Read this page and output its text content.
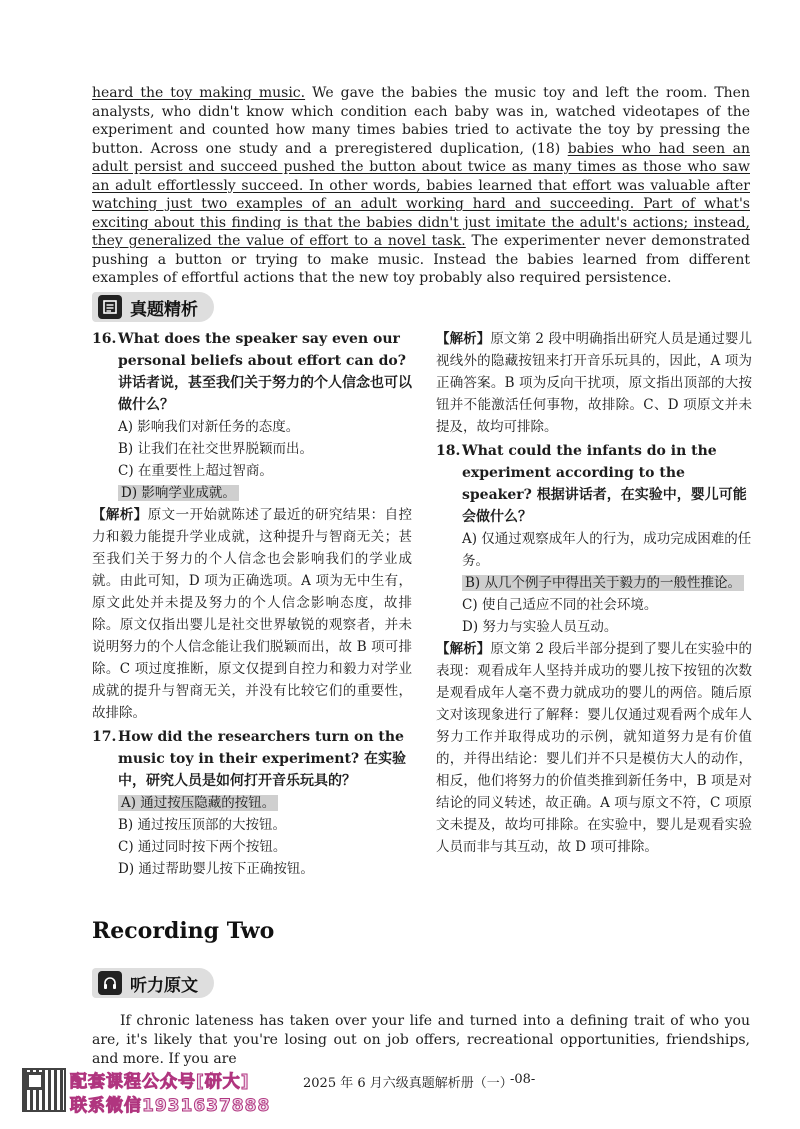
heard the toy making music. We gave the babies the music toy and left the room. Then analysts, who didn't know which condition each baby was in, watched videotapes of the experiment and counted how many times babies tried to activate the toy by pressing the button. Across one study and a preregistered duplication, (18) babies who had seen an adult persist and succeed pushed the button about twice as many times as those who saw an adult effortlessly succeed. In other words, babies learned that effort was valuable after watching just two examples of an adult working hard and succeeding. Part of what's exciting about this finding is that the babies didn't just imitate the adult's actions; instead, they generalized the value of effort to a novel task. The experimenter never demonstrated pushing a button or trying to make music. Instead the babies learned from different examples of effortful actions that the new toy probably also required persistence.
真题精析
16. What does the speaker say even our personal beliefs about effort can do? 讲话者说，甚至我们关于努力的个人信念也可以做什么？
A) 影响我们对新任务的态度。
B) 让我们在社交世界脱颖而出。
C) 在重要性上超过智商。
D) 影响学业成就。
【解析】原文一开始就陈述了最近的研究结果：自控力和毅力能提升学业成就，这种提升与智商无关；甚至我们关于努力的个人信念也会影响我们的学业成就。由此可知，D 项为正确选项。A 项为无中生有，原文此处并未提及努力的个人信念影响态度，故排除。原文仅指出婴儿是社交世界敏锐的观察者，并未说明努力的个人信念能让我们脱颖而出，故 B 项可排除。C 项过度推断，原文仅提到自控力和毅力对学业成就的提升与智商无关，并没有比较它们的重要性，故排除。
17. How did the researchers turn on the music toy in their experiment? 在实验中，研究人员是如何打开音乐玩具的？
A) 通过按压隐藏的按钮。
B) 通过按压顶部的大按钮。
C) 通过同时按下两个按钮。
D) 通过帮助婴儿按下正确按钮。
【解析】原文第 2 段中明确指出研究人员是通过婴儿视线外的隐藏按钮来打开音乐玩具的，因此，A 项为正确答案。B 项为反向干扰项，原文指出顶部的大按钮并不能激活任何事物，故排除。C、D 项原文并未提及，故均可排除。
18. What could the infants do in the experiment according to the speaker? 根据讲话者，在实验中，婴儿可能会做什么？
A) 仅通过观察成年人的行为，成功完成困难的任务。
B) 从几个例子中得出关于毅力的一般性推论。
C) 使自己适应不同的社会环境。
D) 努力与实验人员互动。
【解析】原文第 2 段后半部分提到了婴儿在实验中的表现：观看成年人坚持并成功的婴儿按下按钮的次数是观看成年人毫不费力就成功的婴儿的两倍。随后原文对该现象进行了解释：婴儿仅通过观看两个成年人努力工作并取得成功的示例，就知道努力是有价值的，并得出结论：婴儿们并不只是模仿大人的动作，相反，他们将努力的价值类推到新任务中，B 项是对结论的同义转述，故正确。A 项与原文不符，C 项原文未提及，故均可排除。在实验中，婴儿是观看实验人员而非与其互动，故 D 项可排除。
Recording Two
听力原文
If chronic lateness has taken over your life and turned into a defining trait of who you are, it's likely that you're losing out on job offers, recreational opportunities, friendships, and more. If you are
配套课程公众号[研大]
联系微信1931637888
2025 年 6 月六级真题解析册（一）
-08-
